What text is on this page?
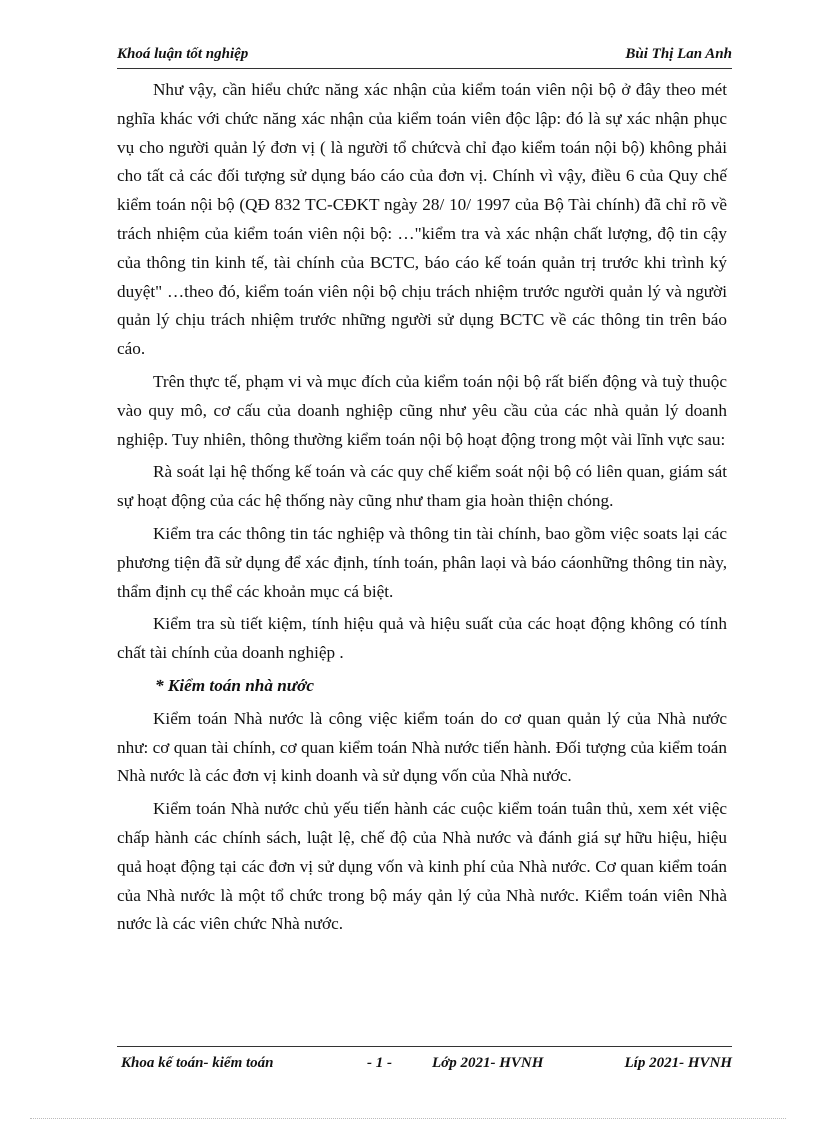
Khoá luận tốt nghiệp	Bùi Thị Lan Anh

Như vậy, cần hiểu chức năng xác nhận của kiểm toán viên nội bộ ở đây theo mét nghĩa khác với chức năng xác nhận của kiểm toán viên độc lập: đó là sự xác nhận phục vụ cho người quản lý đơn vị ( là người tổ chứcvà chỉ đạo kiểm toán nội bộ) không phải cho tất cả các đối tượng sử dụng báo cáo của đơn vị. Chính vì vậy, điều 6 của Quy chế kiểm toán nội bộ (QĐ 832 TC-CĐKT ngày 28/ 10/ 1997 của Bộ Tài chính) đã chỉ rõ về trách nhiệm của kiểm toán viên nội bộ: …"kiểm tra và xác nhận chất lượng, độ tin cậy của thông tin kinh tế, tài chính của BCTC, báo cáo kế toán quản trị trước khi trình ký duyệt" …theo đó, kiểm toán viên nội bộ chịu trách nhiệm trước người quản lý và người quản lý chịu trách nhiệm trước những người sử dụng BCTC về các thông tin trên báo cáo.

Trên thực tế, phạm vi và mục đích của kiểm toán nội bộ rất biến động và tuỳ thuộc vào quy mô, cơ cấu của doanh nghiệp cũng như yêu cầu của các nhà quản lý doanh nghiệp. Tuy nhiên, thông thường kiểm toán nội bộ hoạt động trong một vài lĩnh vực sau:

Rà soát lại hệ thống kế toán và các quy chế kiểm soát nội bộ có liên quan, giám sát sự hoạt động của các hệ thống này cũng như tham gia hoàn thiện chóng.

Kiểm tra các thông tin tác nghiệp và thông tin tài chính, bao gồm việc soats lại các phương tiện đã sử dụng để xác định, tính toán, phân laọi và báo cáonhững thông tin này, thẩm định cụ thể các khoản mục cá biệt.

Kiểm tra sù tiết kiệm, tính hiệu quả và hiệu suất của các hoạt động không có tính chất tài chính của doanh nghiệp .

* Kiểm toán nhà nước

Kiểm toán Nhà nước là công việc kiểm toán do cơ quan quản lý của Nhà nước như: cơ quan tài chính, cơ quan kiểm toán Nhà nước tiến hành. Đối tượng của kiểm toán Nhà nước là các đơn vị kinh doanh và sử dụng vốn của Nhà nước.

Kiểm toán Nhà nước chủ yếu tiến hành các cuộc kiểm toán tuân thủ, xem xét việc chấp hành các chính sách, luật lệ, chế độ của Nhà nước và đánh giá sự hữu hiệu, hiệu quả hoạt động tại các đơn vị sử dụng vốn và kinh phí của Nhà nước. Cơ quan kiểm toán của Nhà nước là một tổ chức trong bộ máy qản lý của Nhà nước. Kiểm toán viên Nhà nước là các viên chức Nhà nước.

Khoa kế toán- kiểm toán	- 1 -	Lớp 2021- HVNH	Líp 2021- HVNH
